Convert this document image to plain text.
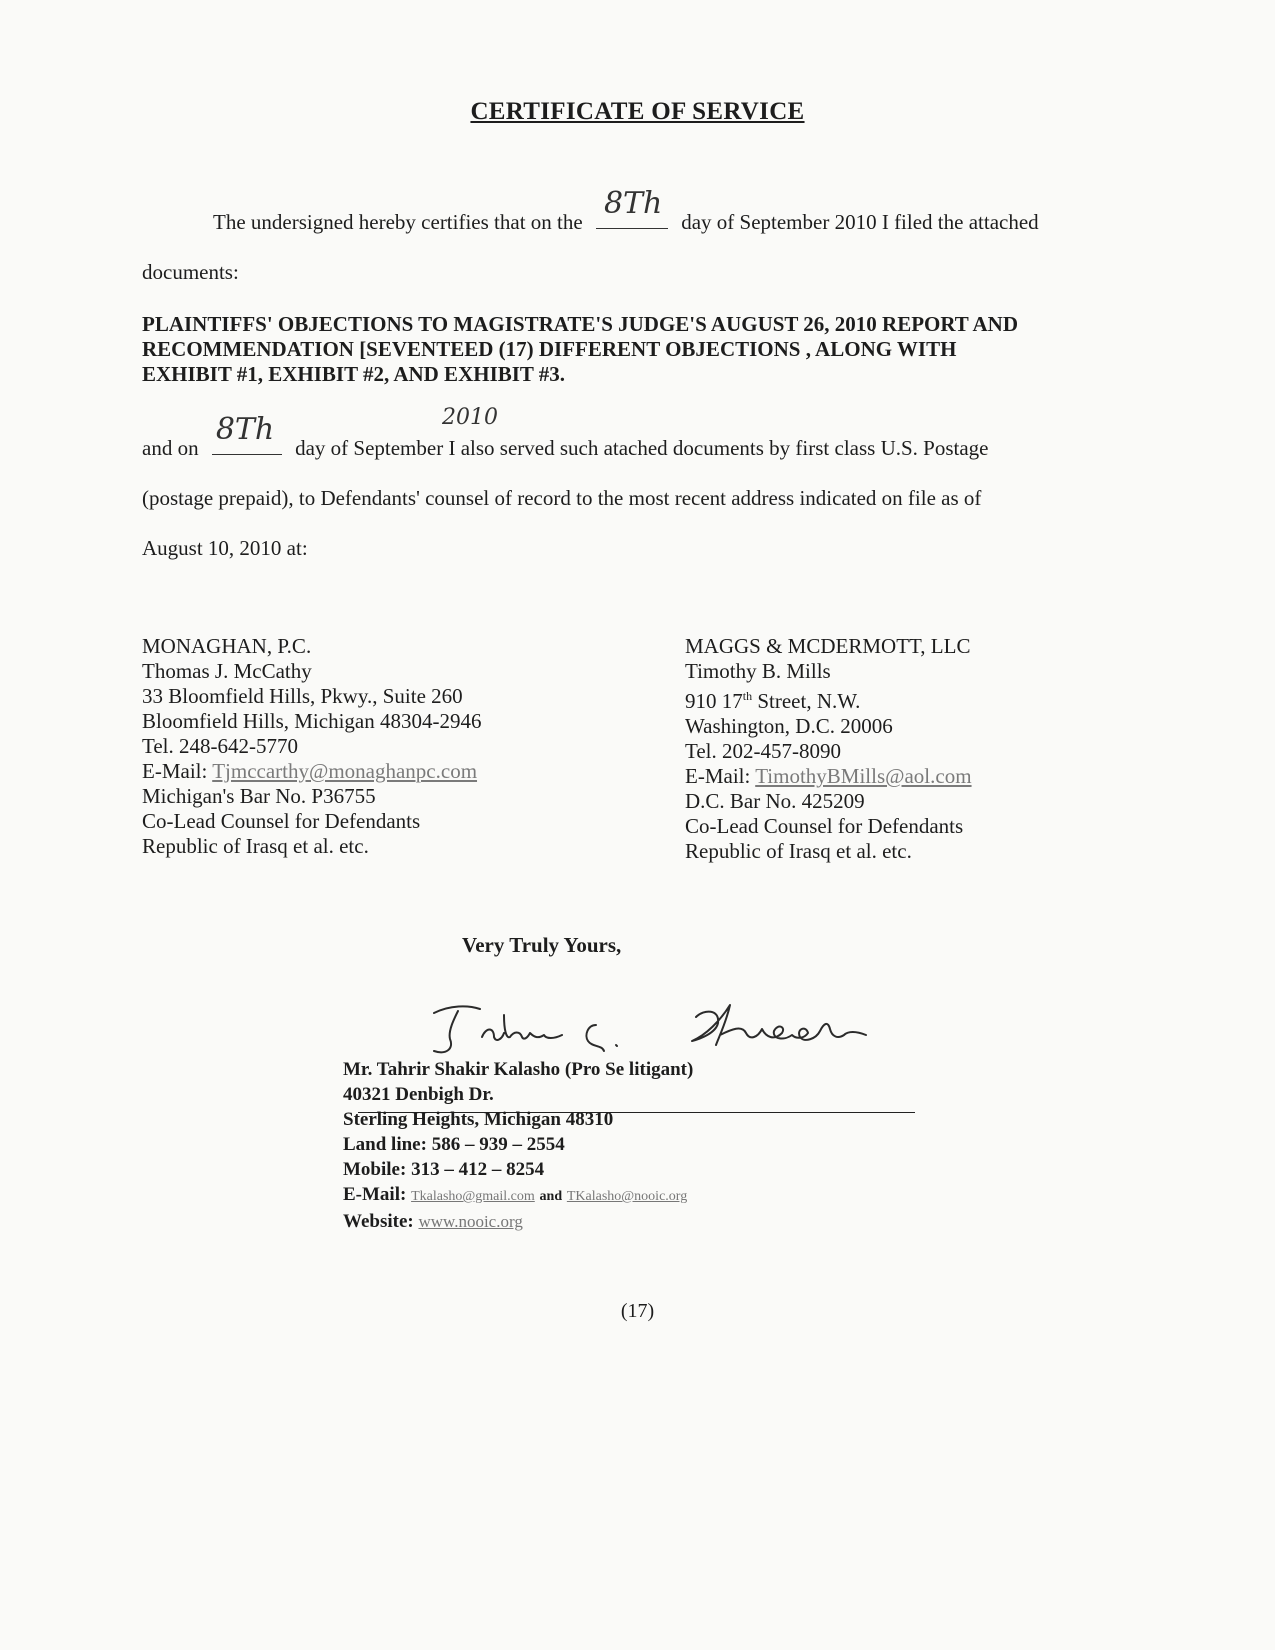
CERTIFICATE OF SERVICE
The undersigned hereby certifies that on the
8Th
day of September 2010 I filed the attached
documents:
PLAINTIFFS' OBJECTIONS TO MAGISTRATE'S JUDGE'S AUGUST 26, 2010 REPORT AND
RECOMMENDATION [SEVENTEED (17) DIFFERENT OBJECTIONS , ALONG WITH
EXHIBIT #1, EXHIBIT #2, AND EXHIBIT #3.
2010
and on
8Th
day of September I also served such atached documents by first class U.S. Postage
(postage prepaid), to Defendants' counsel of record to the most recent address indicated on file as of
August 10, 2010 at:
MONAGHAN, P.C.
Thomas J. McCathy
33 Bloomfield Hills, Pkwy., Suite 260
Bloomfield Hills, Michigan 48304-2946
Tel. 248-642-5770
E-Mail: Tjmccarthy@monaghanpc.com
Michigan's Bar No. P36755
Co-Lead Counsel for Defendants
Republic of Irasq et al. etc.
MAGGS & MCDERMOTT, LLC
Timothy B. Mills
910 17th Street, N.W.
Washington, D.C. 20006
Tel. 202-457-8090
E-Mail: TimothyBMills@aol.com
D.C. Bar No. 425209
Co-Lead Counsel for Defendants
Republic of Irasq et al. etc.
Very Truly Yours,
Mr. Tahrir Shakir Kalasho (Pro Se litigant)
40321 Denbigh Dr.
Sterling Heights, Michigan 48310
Land line: 586 – 939 – 2554
Mobile: 313 – 412 – 8254
E-Mail: Tkalasho@gmail.com and TKalasho@nooic.org
Website: www.nooic.org
(17)
